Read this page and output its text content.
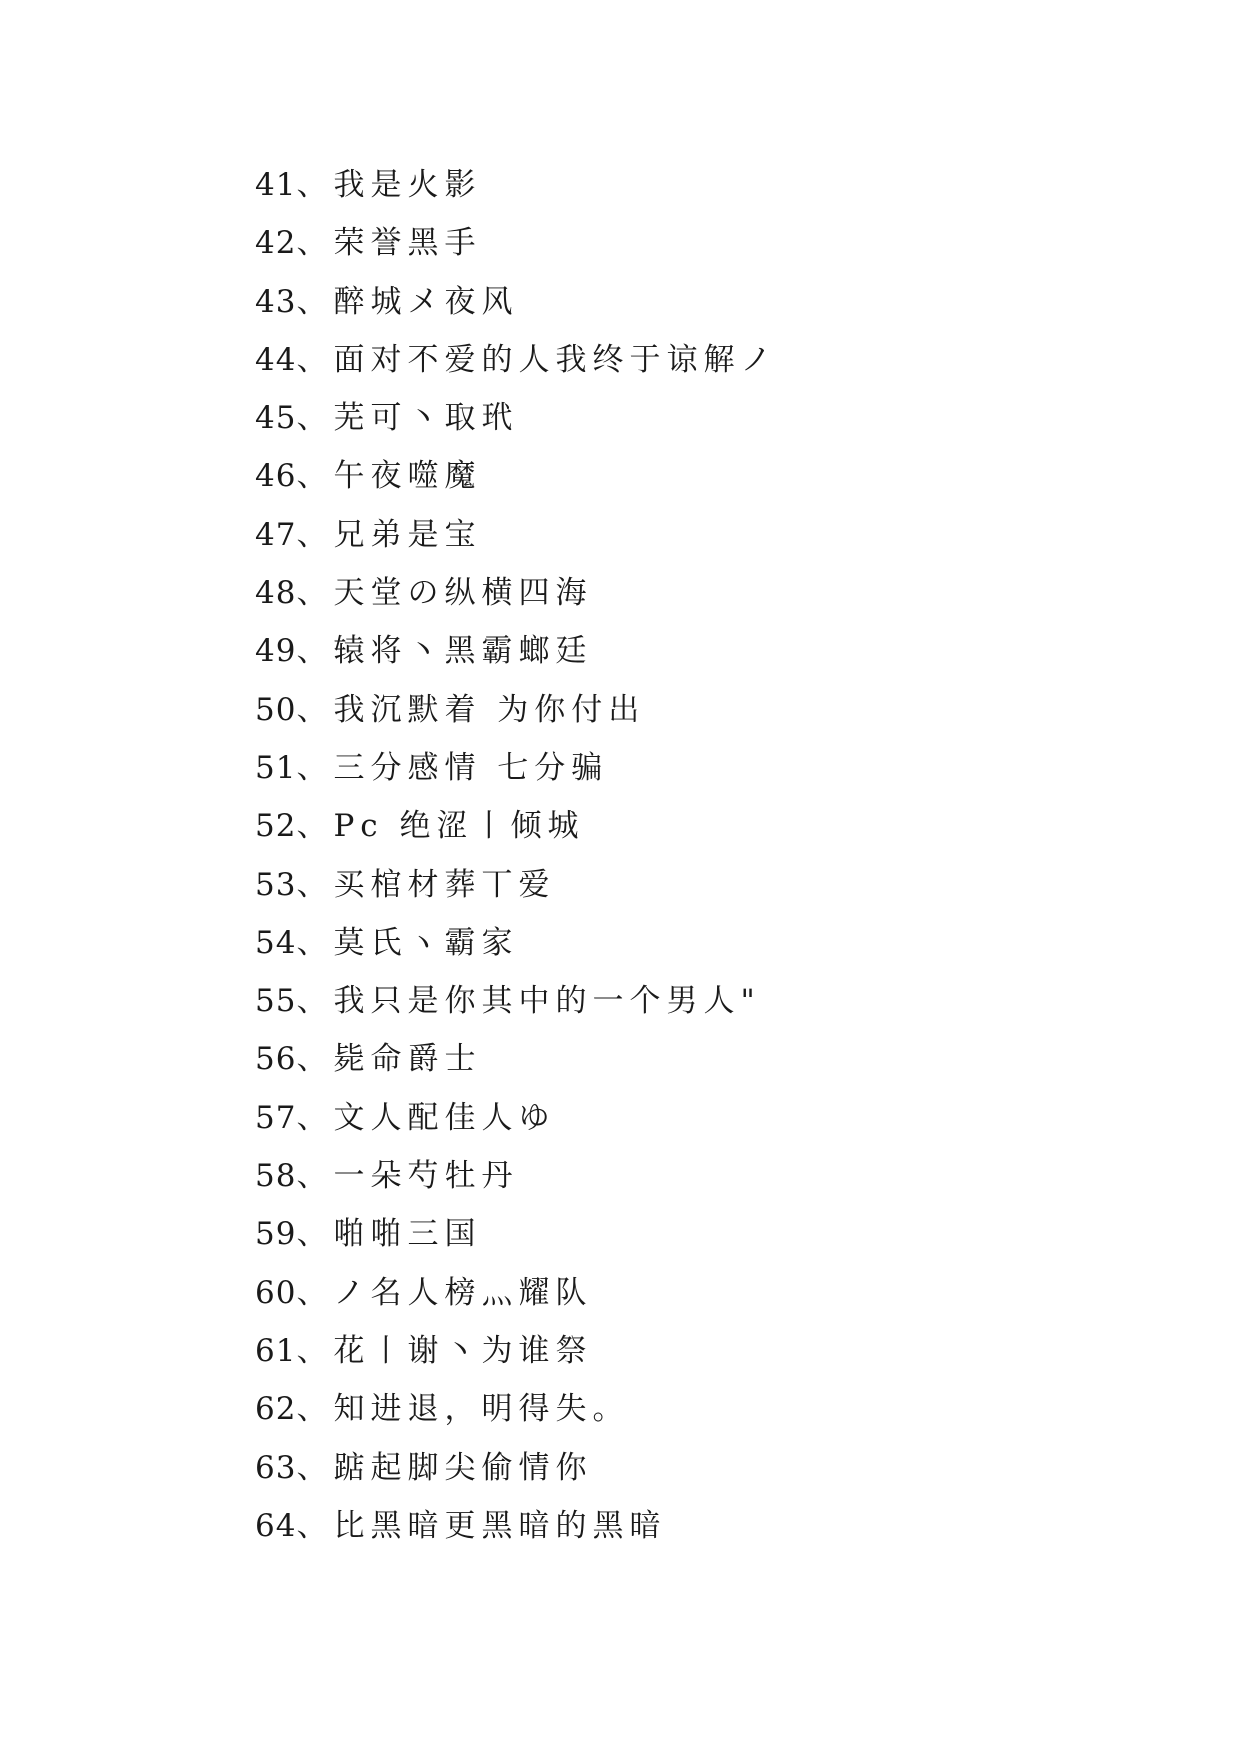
41、我是火影
42、荣誉黑手
43、醉城メ夜风
44、面对不爱的人我终于谅解ノ
45、芜可丶取玳
46、午夜噬魔
47、兄弟是宝
48、天堂の纵横四海
49、辕将丶黑霸螂廷
50、我沉默着 为你付出
51、三分感情 七分骗
52、Pc 绝涩丨倾城
53、买棺材葬丅爱
54、莫氏ヽ霸家
55、我只是你其中的一个男人"
56、毙命爵士
57、文人配佳人ゆ
58、一朵芍牡丹
59、啪啪三国
60、ノ名人榜灬耀队
61、花丨谢丶为谁祭
62、知进退，明得失。
63、踮起脚尖偷情你
64、比黑暗更黑暗的黑暗
